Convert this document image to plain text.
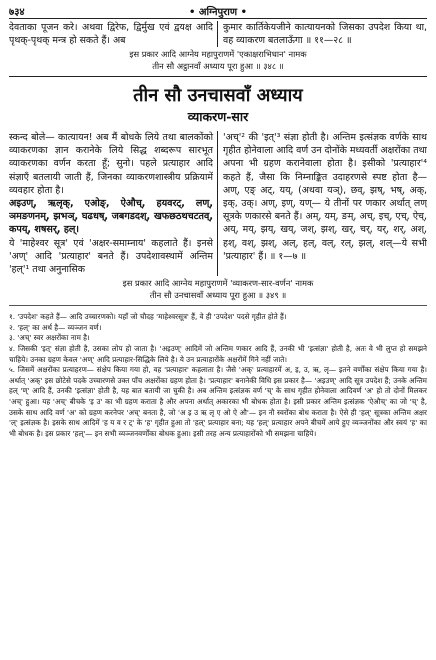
७३४	• अग्निपुराण •
देवताका पूजन करे। अथवा द्विरेफ, द्विर्मुख एवं द्वयक्ष आदि पृथक्-पृथक् मन्त्र हो सकते हैं। अब
कुमार कार्तिकेयजीने कात्यायनको जिसका उपदेश किया था, वह व्याकरण बतलाऊँगा ॥ ११—२८ ॥

इस प्रकार आदि आग्नेय महापुराणमें 'एकाक्षराभिधान' नामक

तीन सौ अट्ठानवाँ अध्याय पूरा हुआ ॥ ३४८ ॥

तीन सौ उनचासवाँ अध्याय
व्याकरण-सार

स्कन्द बोले— कात्यायन! अब मैं बोधके लिये तथा बालकोंको व्याकरणका ज्ञान करानेके लिये सिद्ध शब्दरूप सारभूत व्याकरणका वर्णन करता हूँ; सुनो। पहले प्रत्याहार आदि संज्ञाएँ बतलायी जाती हैं, जिनका व्याकरणशास्त्रीय प्रक्रियामें व्यवहार होता है।

अइउण्, ऋलृक्, एओङ्, ऐऔच्, हयवरट्, लण्, ञमङणनम्, झभञ्, घढधष्, जबगडदश्, खफछठथचटतव्, कपय्, शषसर्, हल्।

ये 'माहेश्वर सूत्र' एवं 'अक्षर-समाम्नाय' कहलाते हैं। इनसे 'अण्' आदि 'प्रत्याहार' बनते हैं। उपदेशावस्थामें अन्तिम 'हल्'¹ तथा अनुनासिक

'अच्'² की 'इत्'³ संज्ञा होती है। अन्तिम इत्संज्ञक वर्णके साथ गृहीत होनेवाला आदि वर्ण उन दोनोंके मध्यवर्ती अक्षरोंका तथा अपना भी ग्रहण करानेवाला होता है। इसीको 'प्रत्याहार'⁴ कहते हैं, जैसा कि निम्नाङ्कित उदाहरणसे स्पष्ट होता है— अण्, एङ् अट्, यय्, (अथवा यञ्), छव्, झष्, भष्, अक्, इक्, उक्। अण्, इण्, यण्— ये तीनों पर णकार अर्थात् लण् सूत्रके णकारसे बनते हैं। अम्, यम्, ङम्, अच्, इच्, एच्, ऐच्, अय्, मय्, झय्, खय्, जश्, झश्, खर्, चर्, यर्, शर्, अश्, हश्, वश्, झश्, अल्, हल्, वल्, रल्, झल्, शल्—ये सभी 'प्रत्याहार' हैं। ॥ १—७ ॥

इस प्रकार आदि आग्नेय महापुराणमें 'व्याकरण-सार-वर्णन' नामक

तीन सौ उनचासवाँ अध्याय पूरा हुआ ॥ ३४९ ॥

१. 'उपदेश' कहते हैं— आदि उच्चारणको। यहाँ जो चौदह 'माहेश्वरसूत्र' हैं, वे ही 'उपदेश' पदसे गृहीत होते हैं।

२. 'हल्' का अर्थ है— व्यञ्जन वर्ण।

३. 'अच्' स्वर अक्षरोंका नाम है।

४. जिसकी 'इत्' संज्ञा होती है, उसका लोप हो जाता है। 'अइउण्' आदिमें जो अन्तिम णकार आदि हैं, उनकी भी 'इत्संज्ञा' होती है, अतः वे भी लुप्त हो समझने चाहिये। उनका ग्रहण केवल 'अण्' आदि प्रत्याहार-सिद्धिके लिये है। ये उन प्रत्याहारोंके अक्षरोंमें गिने नहीं जाते।

५. जिसमें अक्षरोंका प्रत्याहरण— संक्षेप किया गया हो, वह 'प्रत्याहार' कहलाता है। जैसे 'अक्' प्रत्याहारमें अ, इ, उ, ऋ, लृ— इतने वर्णोंका संक्षेप किया गया है। अर्थात् 'अक्' इस छोटेसे पदके उच्चारणसे उक्त पाँच अक्षरोंका ग्रहण होता है। 'प्रत्याहार' बनानेकी विधि इस प्रकार है— 'अइउण्' आदि सूत्र उपदेश हैं; उनके अन्तिम हल् 'ण्' आदि हैं, उनकी 'इत्संज्ञा' होती है, यह बात बतायी जा चुकी है। अब अन्तिम इत्संज्ञक वर्ण 'च्' के साथ गृहीत होनेवाला आदिवर्ण 'अ' हो तो दोनों मिलकर 'अच्' हुआ। यह 'अच्' बीचके 'इ उ' का भी ग्रहण कराता है और अपना अर्थात् अकारका भी बोधक होता है। इसी प्रकार अन्तिम इत्संज्ञक 'ऐऔच्' का जो 'च्' है, उसके साथ आदि वर्ण 'अ' को ग्रहण करनेपर 'अच्' बनता है, जो 'अ इ उ ऋ लृ ए ओ ऐ औ'— इन नौ स्वरोंका बोध कराता है। ऐसे ही 'हल्' सूत्रका अन्तिम अक्षर 'ल्' इत्संज्ञक है। इसके साथ आदिमें 'ह य व र ट्' के 'ह' गृहीत हुआ तो 'हल्' प्रत्याहार बना; यह 'हल्' प्रत्याहार अपने बीचमें आये हुए व्यञ्जनोंका और स्वयं 'ह' का भी बोधक है। इस प्रकार 'हल्'— इन सभी व्यञ्जनवर्णोंका बोधक हुआ। इसी तरह अन्य प्रत्याहारोंको भी समझना चाहिये।
